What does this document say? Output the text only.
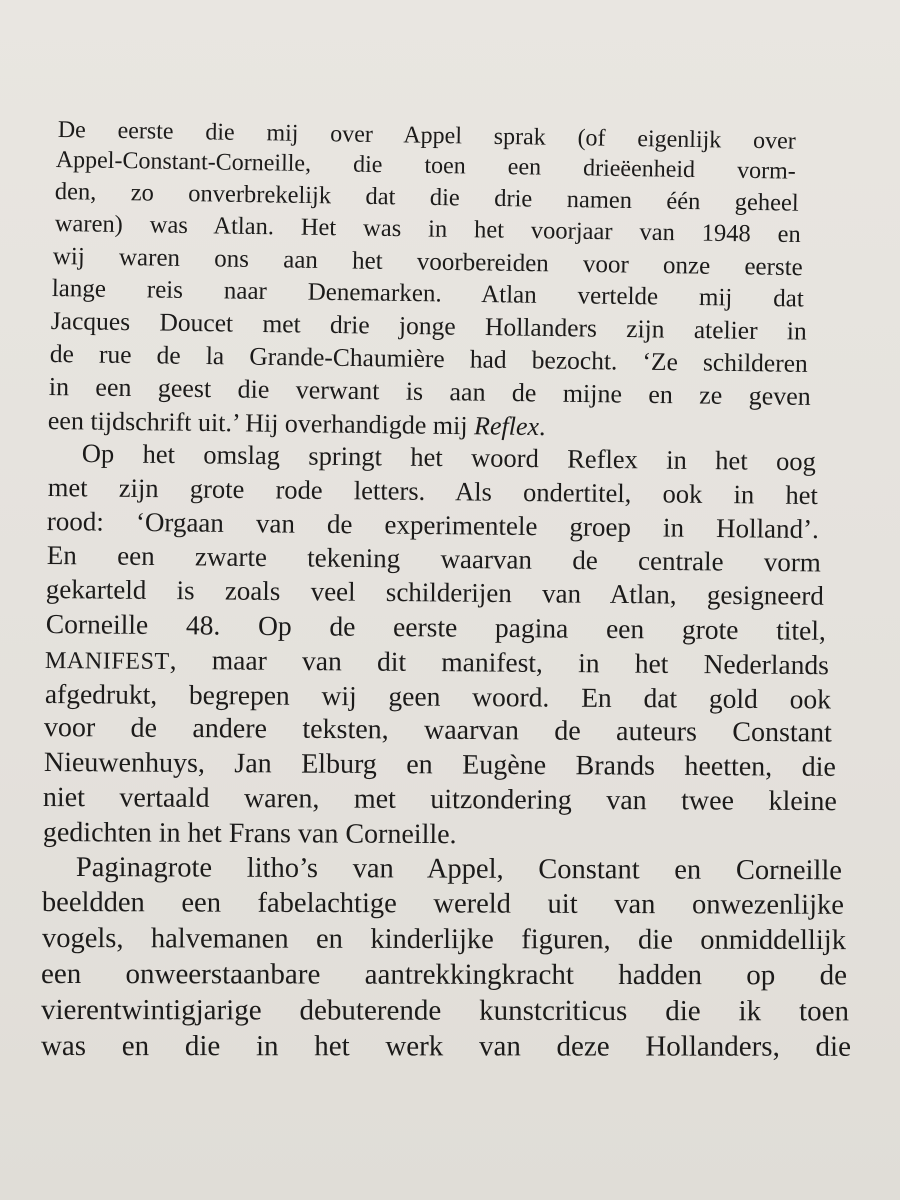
De eerste die mij over Appel sprak (of eigenlijk over
Appel-Constant-Corneille, die toen een drieëenheid vorm-
den, zo onverbrekelijk dat die drie namen één geheel
waren) was Atlan. Het was in het voorjaar van 1948 en
wij waren ons aan het voorbereiden voor onze eerste
lange reis naar Denemarken. Atlan vertelde mij dat
Jacques Doucet met drie jonge Hollanders zijn atelier in
de rue de la Grande-Chaumière had bezocht. ‘Ze schilderen
in een geest die verwant is aan de mijne en ze geven
een tijdschrift uit.’ Hij overhandigde mij Reflex.
Op het omslag springt het woord Reflex in het oog
met zijn grote rode letters. Als ondertitel, ook in het
rood: ‘Orgaan van de experimentele groep in Holland’.
En een zwarte tekening waarvan de centrale vorm
gekarteld is zoals veel schilderijen van Atlan, gesigneerd
Corneille 48. Op de eerste pagina een grote titel,
MANIFEST, maar van dit manifest, in het Nederlands
afgedrukt, begrepen wij geen woord. En dat gold ook
voor de andere teksten, waarvan de auteurs Constant
Nieuwenhuys, Jan Elburg en Eugène Brands heetten, die
niet vertaald waren, met uitzondering van twee kleine
gedichten in het Frans van Corneille.
Paginagrote litho’s van Appel, Constant en Corneille
beeldden een fabelachtige wereld uit van onwezenlijke
vogels, halvemanen en kinderlijke figuren, die onmiddellijk
een onweerstaanbare aantrekkingkracht hadden op de
vierentwintigjarige debuterende kunstcriticus die ik toen
was en die in het werk van deze Hollanders, die
